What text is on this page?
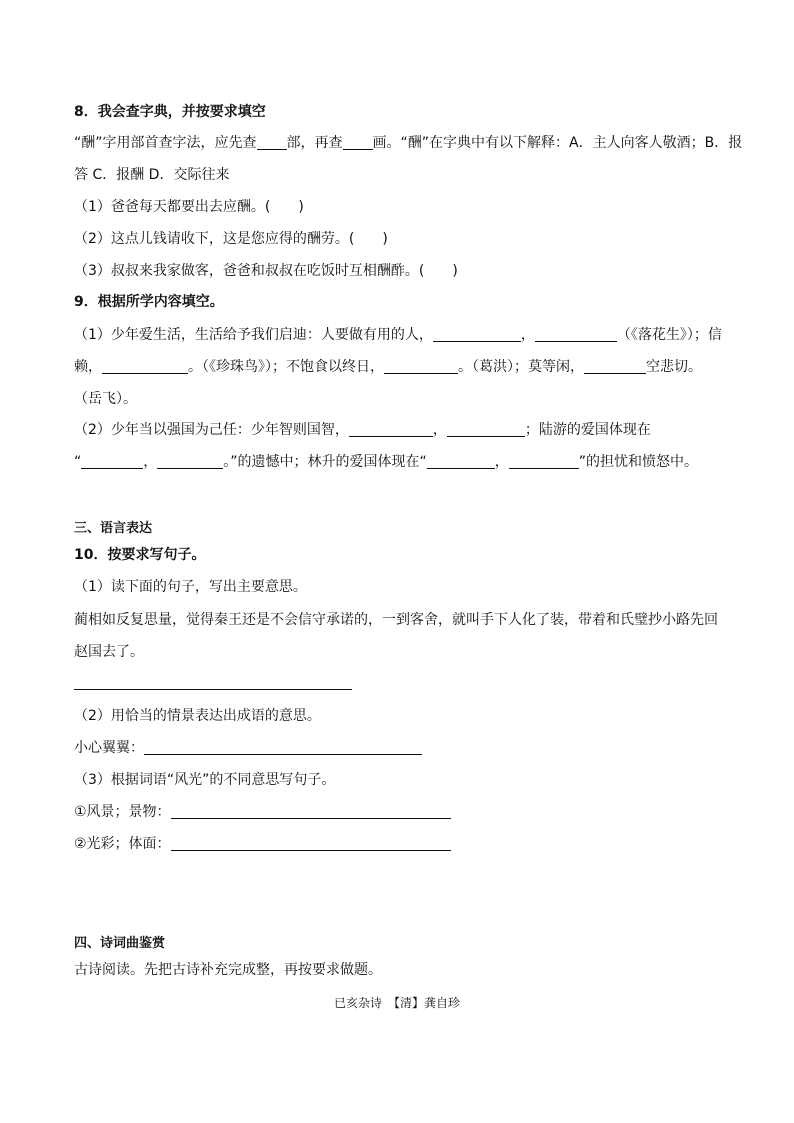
8．我会查字典，并按要求填空
“酬”字用部首查字法，应先查 部，再查 画。“酬”在字典中有以下解释：A．主人向客人敬酒；B．报
答 C．报酬 D．交际往来
（1）爸爸每天都要出去应酬。(　　)
（2）这点儿钱请收下，这是您应得的酬劳。(　　)
（3）叔叔来我家做客，爸爸和叔叔在吃饭时互相酬酢。(　　)
9．根据所学内容填空。
（1）少年爱生活，生活给予我们启迪：人要做有用的人，	，	（《落花生》）；信
赖，	。（《珍珠鸟》）；不饱食以终日，	。（葛洪）；莫等闲，	空悲切。
（岳飞）。
（2）少年当以强国为己任：少年智则国智，	，	；陆游的爱国体现在
“	，	。”的遗憾中；林升的爱国体现在“	，	”的担忧和愤怒中。
三、语言表达
10．按要求写句子。
（1）读下面的句子，写出主要意思。
蔺相如反复思量，觉得秦王还是不会信守承诺的，一到客舍，就叫手下人化了装，带着和氏璧抄小路先回
赵国去了。
（2）用恰当的情景表达出成语的意思。
小心翼翼：
（3）根据词语“风光”的不同意思写句子。
①风景；景物：
②光彩；体面：
四、诗词曲鉴赏
古诗阅读。先把古诗补充完成整，再按要求做题。
已亥杂诗　【清】龚自珍
